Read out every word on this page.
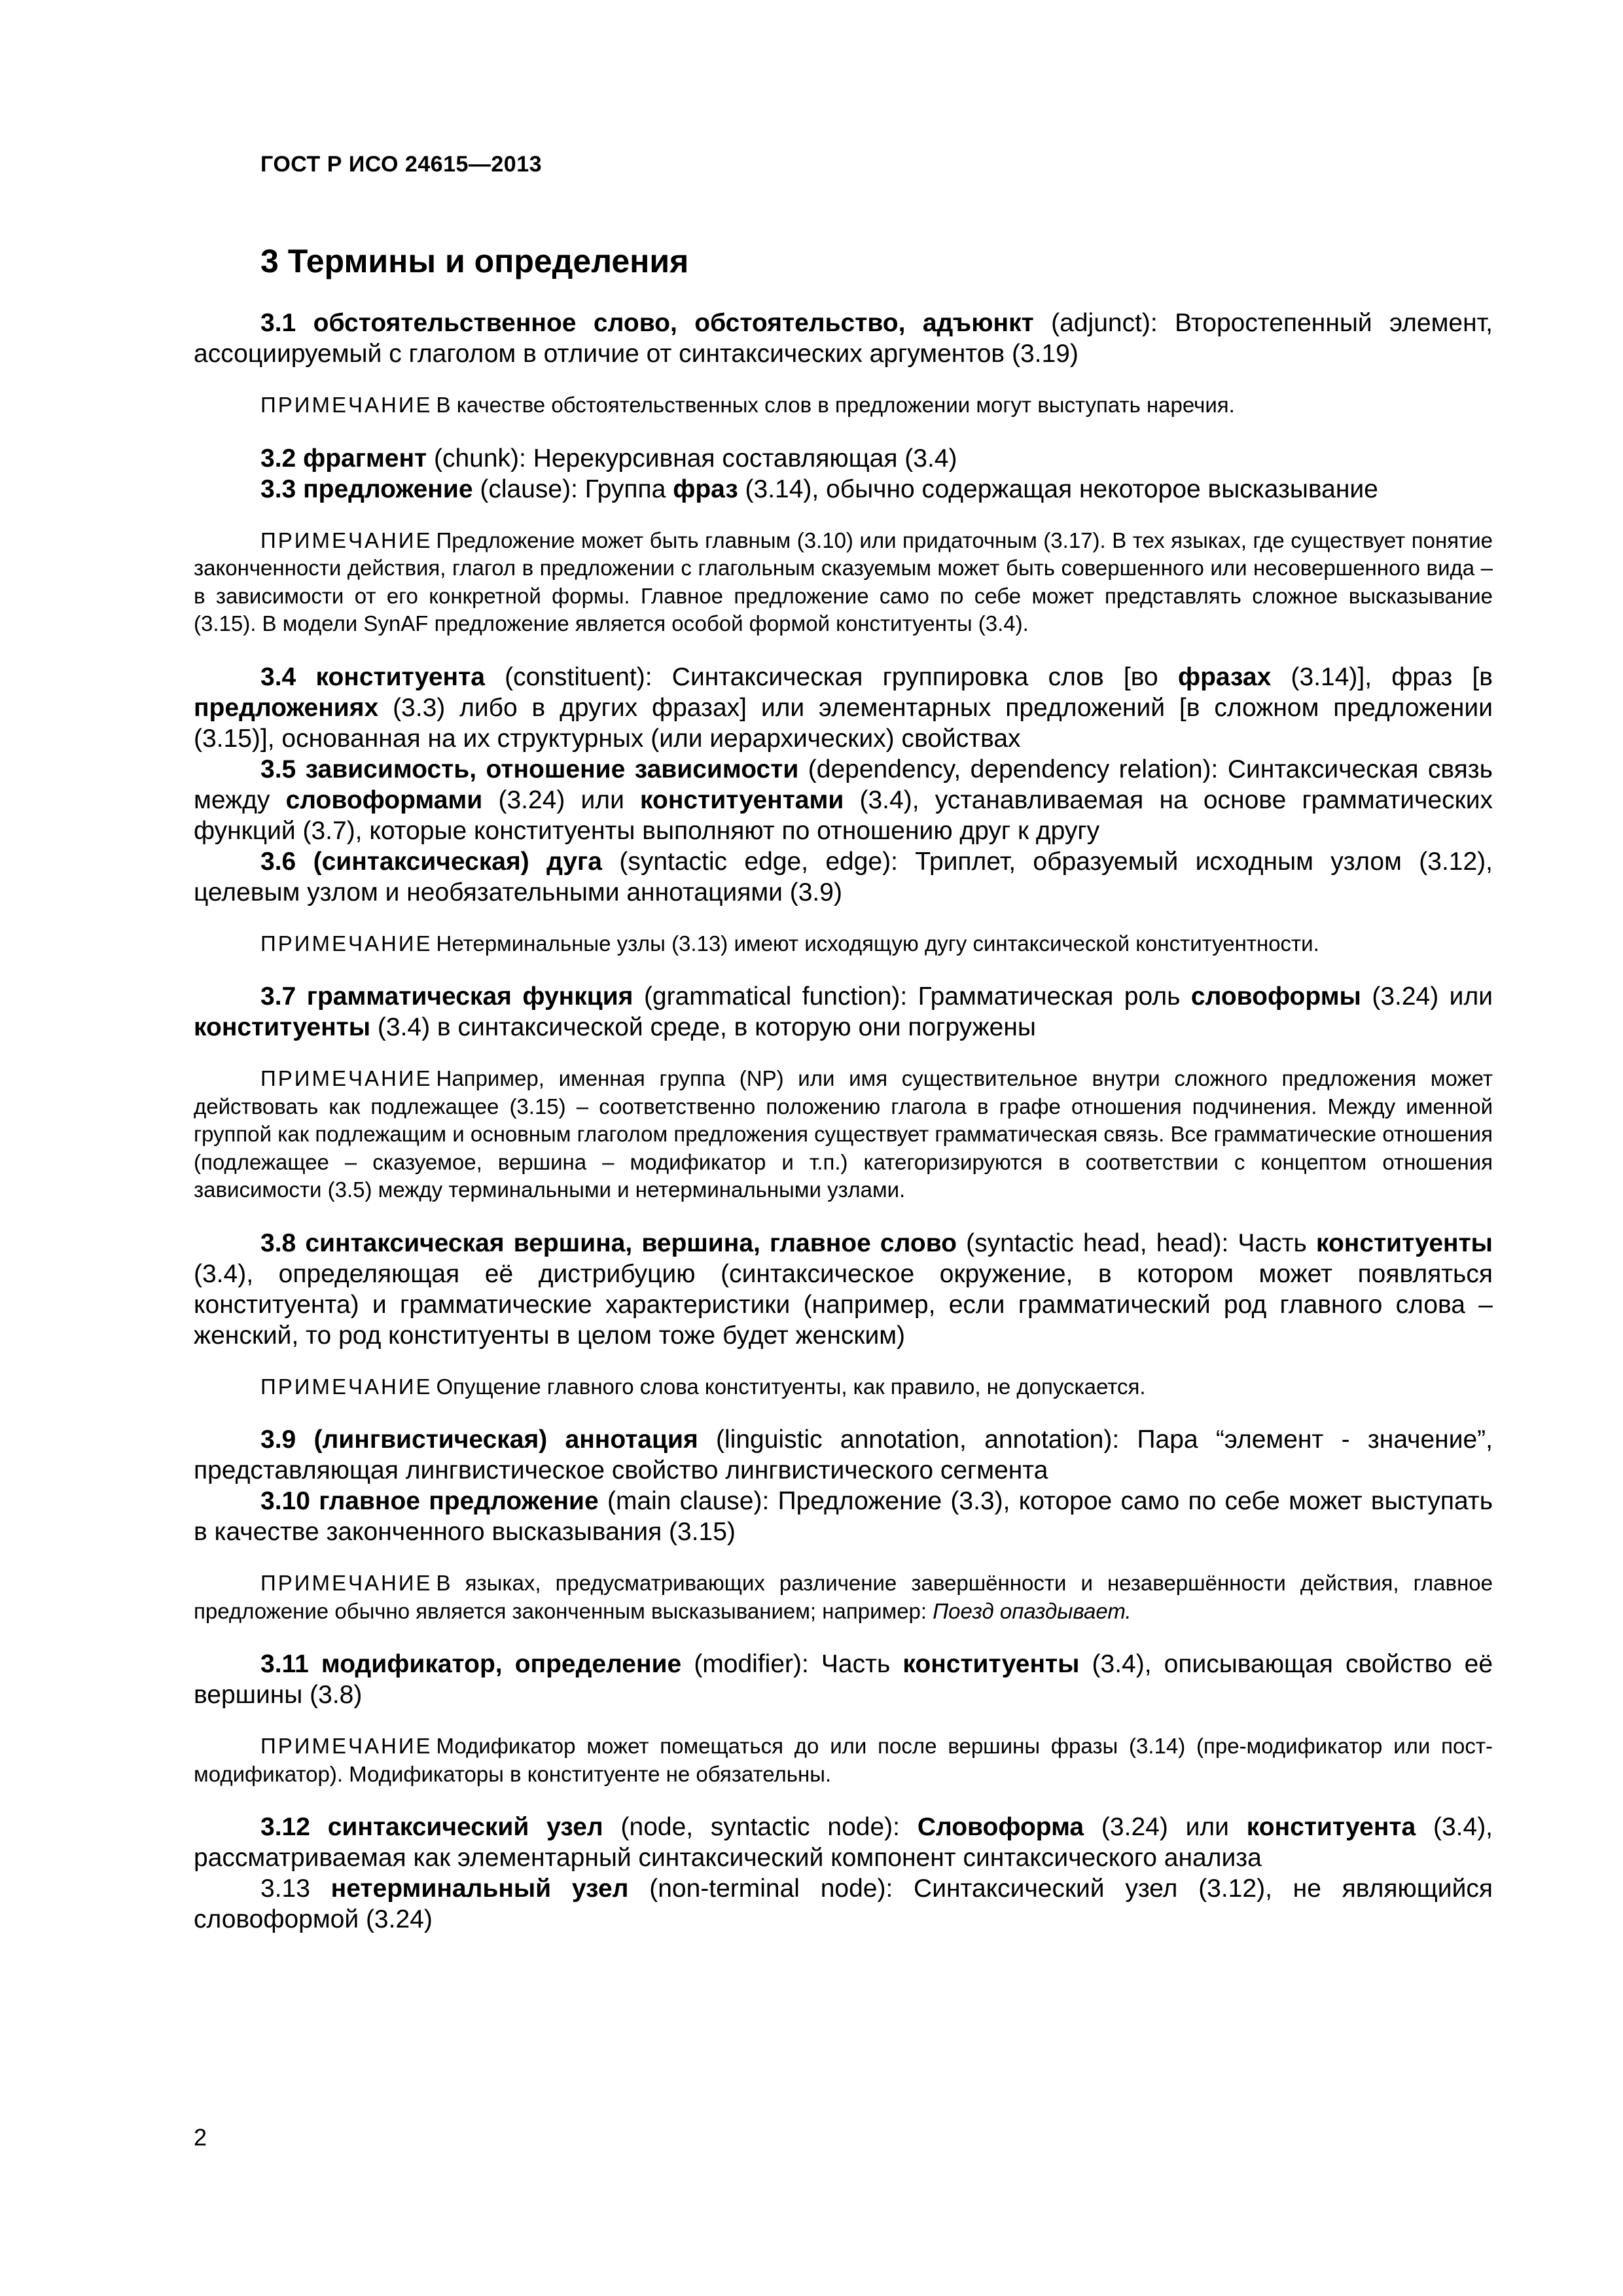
ГОСТ Р ИСО 24615—2013
3 Термины и определения

3.1 обстоятельственное слово, обстоятельство, адъюнкт (adjunct): Второстепенный элемент, ассоциируемый с глаголом в отличие от синтаксических аргументов (3.19)

ПРИМЕЧАНИЕ В качестве обстоятельственных слов в предложении могут выступать наречия.

3.2 фрагмент (chunk): Нерекурсивная составляющая (3.4)

3.3 предложение (clause): Группа фраз (3.14), обычно содержащая некоторое высказывание

ПРИМЕЧАНИЕ Предложение может быть главным (3.10) или придаточным (3.17). В тех языках, где существует понятие законченности действия, глагол в предложении с глагольным сказуемым может быть совершенного или несовершенного вида – в зависимости от его конкретной формы. Главное предложение само по себе может представлять сложное высказывание (3.15). В модели SynAF предложение является особой формой конституенты (3.4).

3.4 конституента (constituent): Синтаксическая группировка слов [во фразах (3.14)], фраз [в предложениях (3.3) либо в других фразах] или элементарных предложений [в сложном предложении (3.15)], основанная на их структурных (или иерархических) свойствах

3.5 зависимость, отношение зависимости (dependency, dependency relation): Синтаксическая связь между словоформами (3.24) или конституентами (3.4), устанавливаемая на основе грамматических функций (3.7), которые конституенты выполняют по отношению друг к другу

3.6 (синтаксическая) дуга (syntactic edge, edge): Триплет, образуемый исходным узлом (3.12), целевым узлом и необязательными аннотациями (3.9)

ПРИМЕЧАНИЕ Нетерминальные узлы (3.13) имеют исходящую дугу синтаксической конституентности.

3.7 грамматическая функция (grammatical function): Грамматическая роль словоформы (3.24) или конституенты (3.4) в синтаксической среде, в которую они погружены

ПРИМЕЧАНИЕ Например, именная группа (NP) или имя существительное внутри сложного предложения может действовать как подлежащее (3.15) – соответственно положению глагола в графе отношения подчинения. Между именной группой как подлежащим и основным глаголом предложения существует грамматическая связь. Все грамматические отношения (подлежащее – сказуемое, вершина – модификатор и т.п.) категоризируются в соответствии с концептом отношения зависимости (3.5) между терминальными и нетерминальными узлами.

3.8 синтаксическая вершина, вершина, главное слово (syntactic head, head): Часть конституенты (3.4), определяющая её дистрибуцию (синтаксическое окружение, в котором может появляться конституента) и грамматические характеристики (например, если грамматический род главного слова – женский, то род конституенты в целом тоже будет женским)

ПРИМЕЧАНИЕ Опущение главного слова конституенты, как правило, не допускается.

3.9 (лингвистическая) аннотация (linguistic annotation, annotation): Пара “элемент - значение”, представляющая лингвистическое свойство лингвистического сегмента

3.10 главное предложение (main clause): Предложение (3.3), которое само по себе может выступать в качестве законченного высказывания (3.15)

ПРИМЕЧАНИЕ В языках, предусматривающих различение завершённости и незавершённости действия, главное предложение обычно является законченным высказыванием; например: Поезд опаздывает.

3.11 модификатор, определение (modifier): Часть конституенты (3.4), описывающая свойство её вершины (3.8)

ПРИМЕЧАНИЕ Модификатор может помещаться до или после вершины фразы (3.14) (пре-модификатор или пост-модификатор). Модификаторы в конституенте не обязательны.

3.12 синтаксический узел (node, syntactic node): Словоформа (3.24) или конституента (3.4), рассматриваемая как элементарный синтаксический компонент синтаксического анализа

3.13 нетерминальный узел (non-terminal node): Синтаксический узел (3.12), не являющийся словоформой (3.24)

2
